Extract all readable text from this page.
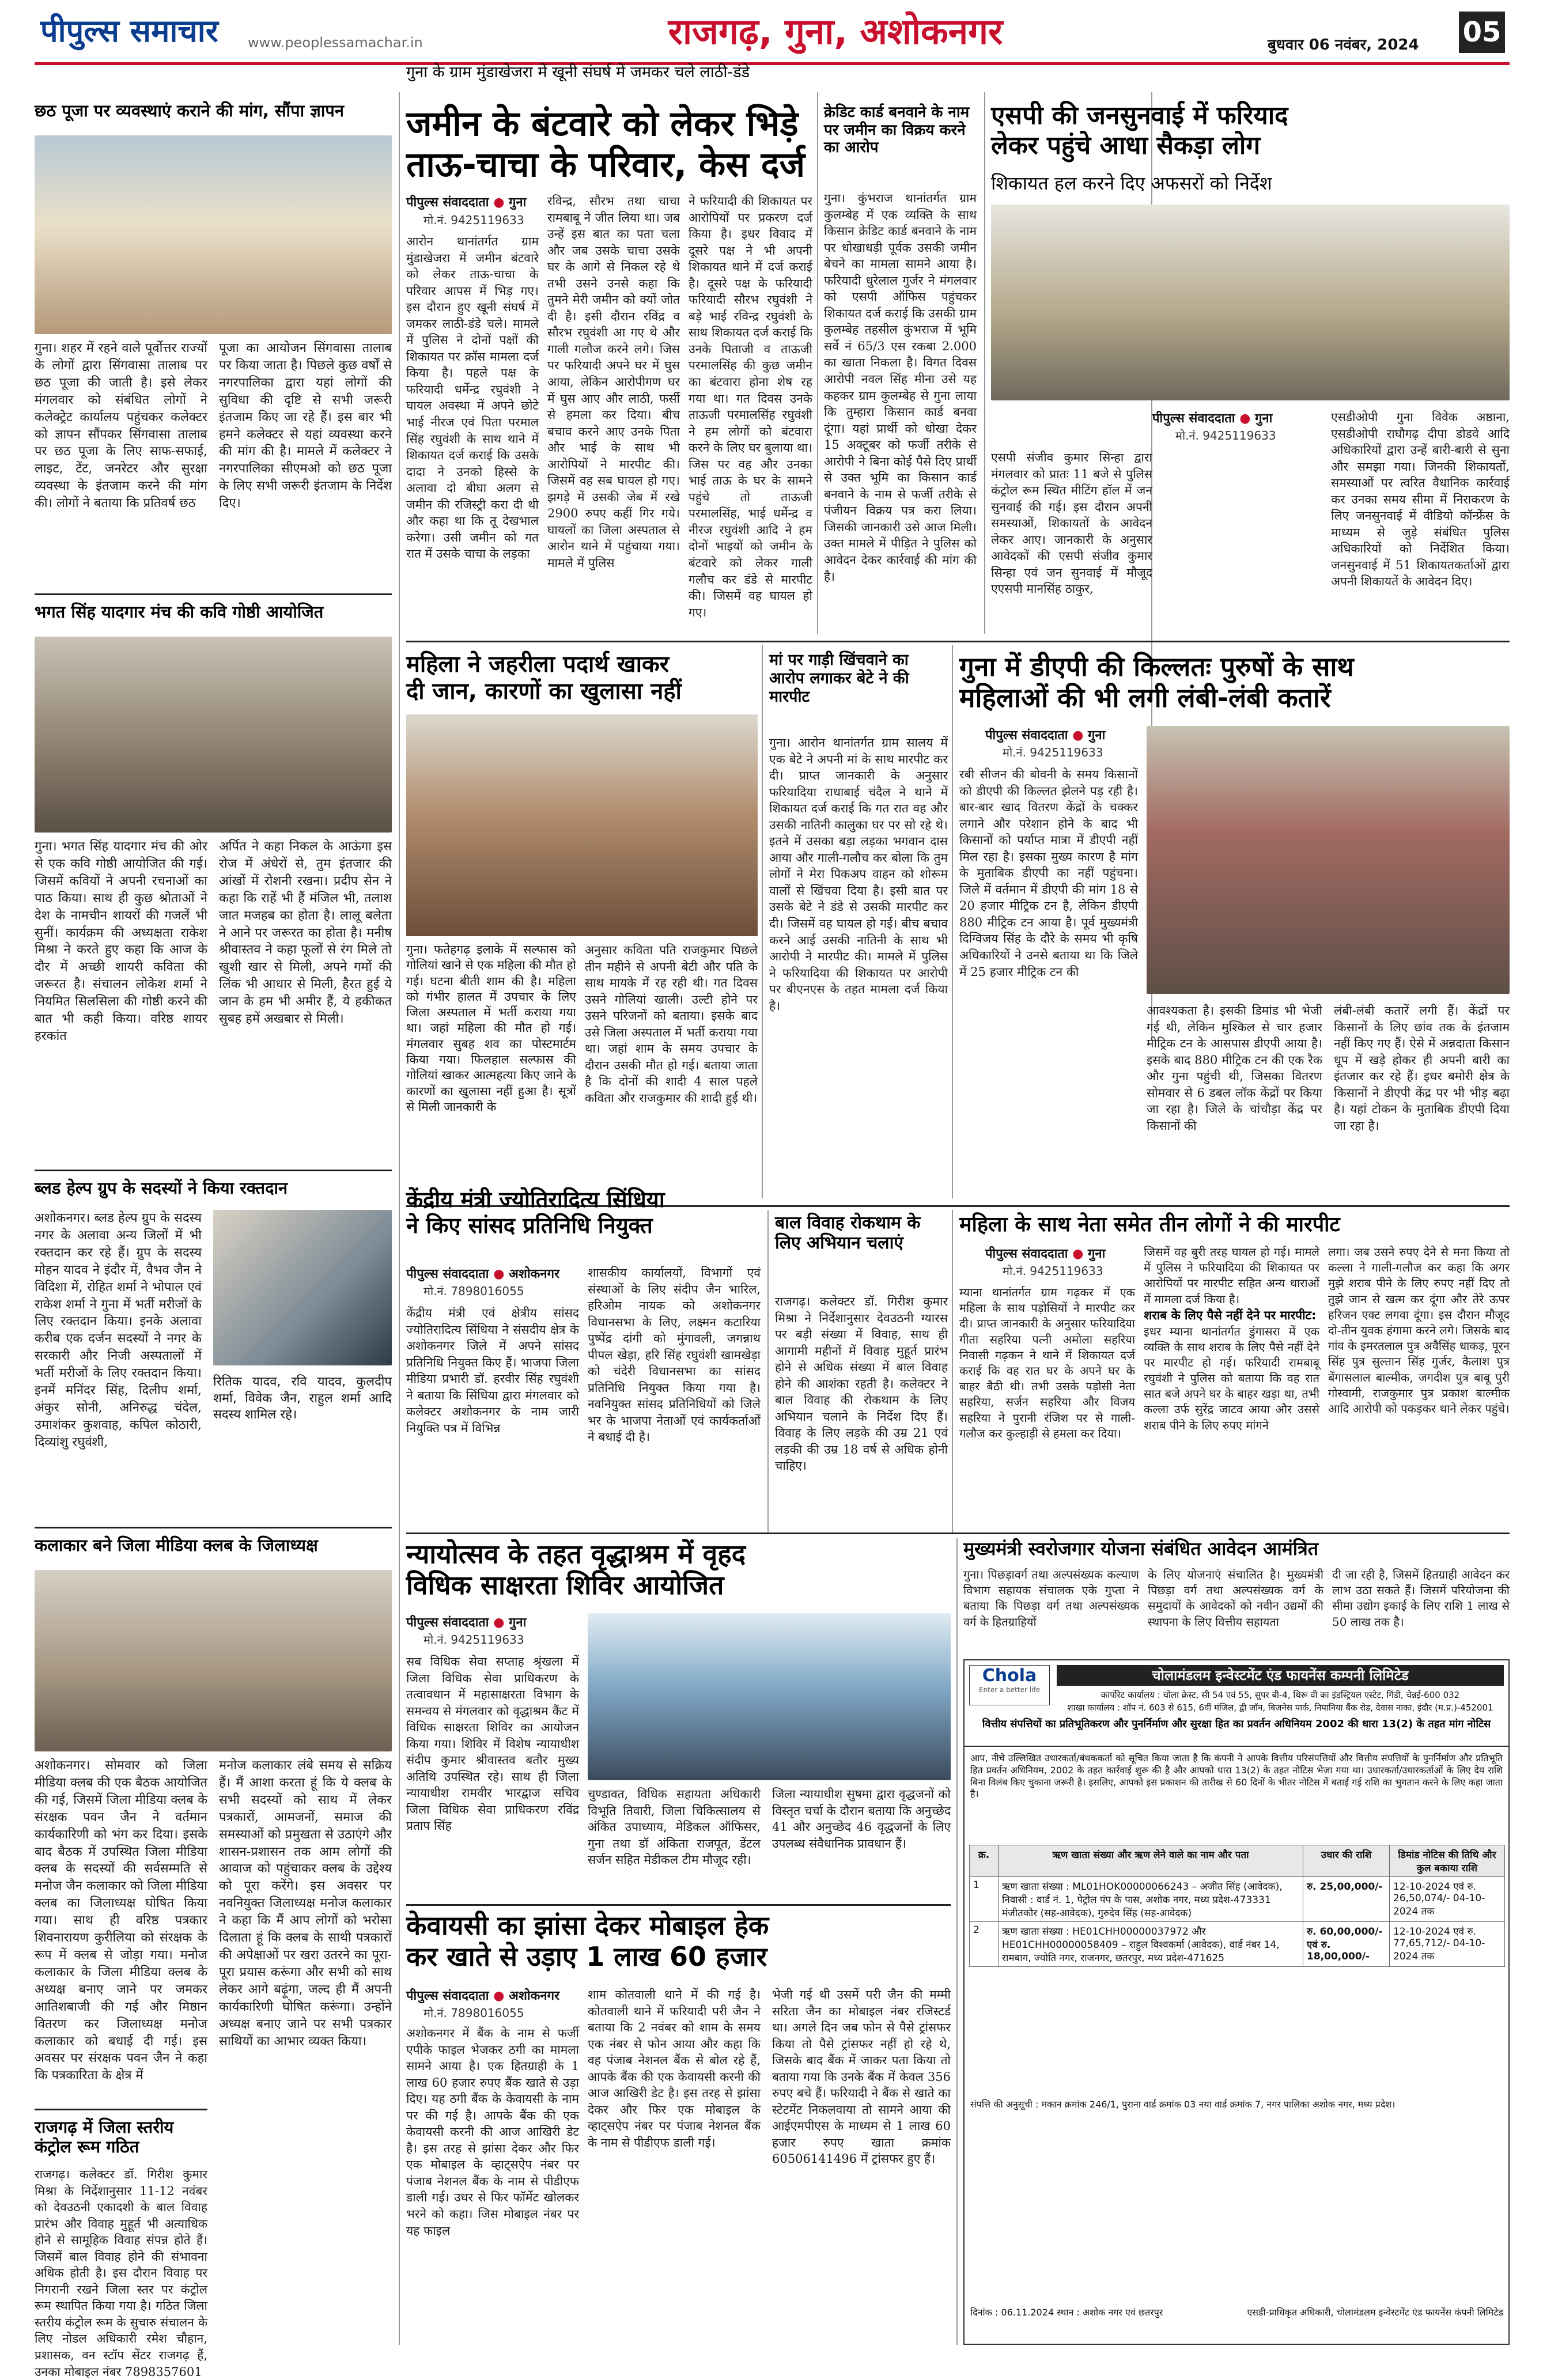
पीपुल्स समाचार www.peoplessamachar.in	राजगढ़, गुना, अशोकनगर	बुधवार 06 नवंबर, 2024 05
छठ पूजा पर व्यवस्थाएं कराने की मांग, सौंपा ज्ञापन
गुना। शहर में रहने वाले पूर्वोत्तर राज्यों के लोगों द्वारा सिंगवासा तालाब पर छठ पूजा की जाती है। इसे लेकर मंगलवार को संबंधित लोगों ने कलेक्ट्रेट कार्यालय पहुंचकर कलेक्टर को ज्ञापन सौंपकर सिंगवासा तालाब पर छठ पूजा के लिए साफ-सफाई, लाइट, टेंट, जनरेटर और सुरक्षा व्यवस्था के इंतजाम करने की मांग की। लोगों ने बताया कि प्रतिवर्ष छठ
पूजा का आयोजन सिंगवासा तालाब पर किया जाता है। पिछले कुछ वर्षों से नगरपालिका द्वारा यहां लोगों की सुविधा की दृष्टि से सभी जरूरी इंतजाम किए जा रहे हैं। इस बार भी हमने कलेक्टर से यहां व्यवस्था करने की मांग की है। मामले में कलेक्टर ने नगरपालिका सीएमओ को छठ पूजा के लिए सभी जरूरी इंतजाम के निर्देश दिए।
भगत सिंह यादगार मंच की कवि गोष्ठी आयोजित
गुना। भगत सिंह यादगार मंच की ओर से एक कवि गोष्ठी आयोजित की गई। जिसमें कवियों ने अपनी रचनाओं का पाठ किया। साथ ही कुछ श्रोताओं ने देश के नामचीन शायरों की गजलें भी सुनीं। कार्यक्रम की अध्यक्षता राकेश मिश्रा ने करते हुए कहा कि आज के दौर में अच्छी शायरी कविता की जरूरत है। संचालन लोकेश शर्मा ने नियमित सिलसिला की गोष्ठी करने की बात भी कही किया। वरिष्ठ शायर हरकांत
अर्पित ने कहा निकल के आऊंगा इस रोज में अंधेरों से, तुम इंतजार की आंखों में रोशनी रखना। प्रदीप सेन ने कहा कि राहें भी हैं मंजिल भी, तलाश जात मजहब का होता है। लालू बलेता ने आने पर जरूरत का होता है। मनीष श्रीवास्तव ने कहा फूलों से रंग मिले तो खुशी खार से मिली, अपने गमों की लिंक भी आधार से मिली, हैरत हुई ये जान के हम भी अमीर हैं, ये हकीकत सुबह हमें अखबार से मिली।
ब्लड हेल्प ग्रुप के सदस्यों ने किया रक्तदान
अशोकनगर। ब्लड हेल्प ग्रुप के सदस्य नगर के अलावा अन्य जिलों में भी रक्तदान कर रहे हैं। ग्रुप के सदस्य मोहन यादव ने इंदौर में, वैभव जैन ने विदिशा में, रोहित शर्मा ने भोपाल एवं राकेश शर्मा ने गुना में भर्ती मरीजों के लिए रक्तदान किया। इनके अलावा करीब एक दर्जन सदस्यों ने नगर के सरकारी और निजी अस्पतालों में भर्ती मरीजों के लिए रक्तदान किया। इनमें मनिंदर सिंह, दिलीप शर्मा, अंकुर सोनी, अनिरुद्ध चंदेल, उमाशंकर कुशवाह, कपिल कोठारी, दिव्यांशु रघुवंशी,
रितिक यादव, रवि यादव, कुलदीप शर्मा, विवेक जैन, राहुल शर्मा आदि सदस्य शामिल रहे।
कलाकार बने जिला मीडिया क्लब के जिलाध्यक्ष
अशोकनगर। सोमवार को जिला मीडिया क्लब की एक बैठक आयोजित की गई, जिसमें जिला मीडिया क्लब के संरक्षक पवन जैन ने वर्तमान कार्यकारिणी को भंग कर दिया। इसके बाद बैठक में उपस्थित जिला मीडिया क्लब के सदस्यों की सर्वसम्मति से मनोज जैन कलाकार को जिला मीडिया क्लब का जिलाध्यक्ष घोषित किया गया। साथ ही वरिष्ठ पत्रकार शिवनारायण कुरीलिया को संरक्षक के रूप में क्लब से जोड़ा गया। मनोज कलाकार के जिला मीडिया क्लब के अध्यक्ष बनाए जाने पर जमकर आतिशबाजी की गई और मिष्ठान वितरण कर जिलाध्यक्ष मनोज कलाकार को बधाई दी गई। इस अवसर पर संरक्षक पवन जैन ने कहा कि पत्रकारिता के क्षेत्र में
मनोज कलाकार लंबे समय से सक्रिय हैं। मैं आशा करता हूं कि ये क्लब के सभी सदस्यों को साथ में लेकर पत्रकारों, आमजनों, समाज की समस्याओं को प्रमुखता से उठाएंगे और शासन-प्रशासन तक आम लोगों की आवाज को पहुंचाकर क्लब के उद्देश्य को पूरा करेंगे। इस अवसर पर नवनियुक्त जिलाध्यक्ष मनोज कलाकार ने कहा कि मैं आप लोगों को भरोसा दिलाता हूं कि क्लब के साथी पत्रकारों की अपेक्षाओं पर खरा उतरने का पूरा-पूरा प्रयास करूंगा और सभी को साथ लेकर आगे बढ़ूंगा, जल्द ही मैं अपनी कार्यकारिणी घोषित करूंगा। उन्होंने अध्यक्ष बनाए जाने पर सभी पत्रकार साथियों का आभार व्यक्त किया।
राजगढ़ में जिला स्तरीय
कंट्रोल रूम गठित
राजगढ़। कलेक्टर डॉ. गिरीश कुमार मिश्रा के निर्देशानुसार 11-12 नवंबर को देवउठनी एकादशी के बाल विवाह प्रारंभ और विवाह मुहूर्त भी अत्याधिक होने से सामूहिक विवाह संपन्न होते हैं। जिसमें बाल विवाह होने की संभावना अधिक होती है। इस दौरान विवाह पर निगरानी रखने जिला स्तर पर कंट्रोल रूम स्थापित किया गया है। गठित जिला स्तरीय कंट्रोल रूम के सुचारु संचालन के लिए नोडल अधिकारी रमेश चौहान, प्रशासक, वन स्टॉप सेंटर राजगढ़ हैं, उनका मोबाइल नंबर 7898357601
गुना के ग्राम मुंडाखेजरा में खूनी संघर्ष में जमकर चले लाठी-डंडे
जमीन के बंटवारे को लेकर भिड़े
ताऊ-चाचा के परिवार, केस दर्ज
पीपुल्स संवाददाता ● गुना
मो.नं. 9425119633
आरोन थानांतर्गत ग्राम मुंडाखेजरा में जमीन बंटवारे को लेकर ताऊ-चाचा के परिवार आपस में भिड़ गए। इस दौरान हुए खूनी संघर्ष में जमकर लाठी-डंडे चले। मामले में पुलिस ने दोनों पक्षों की शिकायत पर क्रॉस मामला दर्ज किया है। पहले पक्ष के फरियादी धर्मेन्द्र रघुवंशी ने घायल अवस्था में अपने छोटे भाई नीरज एवं पिता परमाल सिंह रघुवंशी के साथ थाने में शिकायत दर्ज कराई कि उसके दादा ने उनको हिस्से के अलावा दो बीघा अलग से जमीन की रजिस्ट्री करा दी थी और कहा था कि तू देखभाल करेगा। उसी जमीन को गत रात में उसके चाचा के लड़का
रविन्द्र, सौरभ तथा चाचा रामबाबू ने जीत लिया था। जब उन्हें इस बात का पता चला और जब उसके चाचा उसके घर के आगे से निकल रहे थे तभी उसने उनसे कहा कि तुमने मेरी जमीन को क्यों जोत दी है। इसी दौरान रविंद्र व सौरभ रघुवंशी आ गए थे और गाली गलौज करने लगे। जिस पर फरियादी अपने घर में घुस आया, लेकिन आरोपीगण घर में घुस आए और लाठी, फर्सी से हमला कर दिया। बीच बचाव करने आए उनके पिता और भाई के साथ भी आरोपियों ने मारपीट की। जिसमें वह सब घायल हो गए। झगड़े में उसकी जेब में रखे 2900 रुपए कहीं गिर गये। घायलों का जिला अस्पताल से आरोन थाने में पहुंचाया गया। मामले में पुलिस
ने फरियादी की शिकायत पर आरोपियों पर प्रकरण दर्ज किया है। इधर विवाद में दूसरे पक्ष ने भी अपनी शिकायत थाने में दर्ज कराई है। दूसरे पक्ष के फरियादी फरियादी सौरभ रघुवंशी ने बड़े भाई रविन्द्र रघुवंशी के साथ शिकायत दर्ज कराई कि उनके पिताजी व ताऊजी परमालसिंह की कुछ जमीन का बंटवारा होना शेष रह गया था। गत दिवस उनके ताऊजी परमालसिंह रघुवंशी ने हम लोगों को बंटवारा करने के लिए घर बुलाया था। जिस पर वह और उनका भाई ताऊ के घर के सामने पहुंचे तो ताऊजी परमालसिंह, भाई धर्मेन्द्र व नीरज रघुवंशी आदि ने हम दोनों भाइयों को जमीन के बंटवारे को लेकर गाली गलौच कर डंडे से मारपीट की। जिसमें वह घायल हो गए।
क्रेडिट कार्ड बनवाने के नाम पर जमीन का विक्रय करने का आरोप
गुना। कुंभराज थानांतर्गत ग्राम कुलम्बेह में एक व्यक्ति के साथ किसान क्रेडिट कार्ड बनवाने के नाम पर धोखाधड़ी पूर्वक उसकी जमीन बेचने का मामला सामने आया है। फरियादी धुरेलाल गुर्जर ने मंगलवार को एसपी ऑफिस पहुंचकर शिकायत दर्ज कराई कि उसकी ग्राम कुलम्बेह तहसील कुंभराज में भूमि सर्वे नं 65/3 एस रकबा 2.000 का खाता निकला है। विगत दिवस आरोपी नवल सिंह मीना उसे यह कहकर ग्राम कुलम्बेह से गुना लाया कि तुम्हारा किसान कार्ड बनवा दूंगा। यहां प्रार्थी को धोखा देकर 15 अक्टूबर को फर्जी तरीके से आरोपी ने बिना कोई पैसे दिए प्रार्थी से उक्त भूमि का किसान कार्ड बनवाने के नाम से फर्जी तरीके से पंजीयन विक्रय पत्र करा लिया। जिसकी जानकारी उसे आज मिली। उक्त मामले में पीड़ित ने पुलिस को आवेदन देकर कार्रवाई की मांग की है।
एसपी की जनसुनवाई में फरियाद
लेकर पहुंचे आधा सैकड़ा लोग
शिकायत हल करने दिए अफसरों को निर्देश
पीपुल्स संवाददाता ● गुना
मो.नं. 9425119633
एसपी संजीव कुमार सिन्हा द्वारा मंगलवार को प्रातः 11 बजे से पुलिस कंट्रोल रूम स्थित मीटिंग हॉल में जन सुनवाई की गई। इस दौरान अपनी समस्याओं, शिकायतों के आवेदन लेकर आए। जानकारी के अनुसार आवेदकों की एसपी संजीव कुमार सिन्हा एवं जन सुनवाई में मौजूद एएसपी मानसिंह ठाकुर,
एसडीओपी गुना विवेक अष्ठाना, एसडीओपी राघौगढ़ दीपा डोडवे आदि अधिकारियों द्वारा उन्हें बारी-बारी से सुना और समझा गया। जिनकी शिकायतों, समस्याओं पर त्वरित वैधानिक कार्रवाई कर उनका समय सीमा में निराकरण के लिए जनसुनवाई में वीडियो कॉन्फ्रेंस के माध्यम से जुड़े संबंधित पुलिस अधिकारियों को निर्देशित किया। जनसुनवाई में 51 शिकायतकर्ताओं द्वारा अपनी शिकायतें के आवेदन दिए।
महिला ने जहरीला पदार्थ खाकर
दी जान, कारणों का खुलासा नहीं
गुना। फतेहगढ़ इलाके में सल्फास को गोलियां खाने से एक महिला की मौत हो गई। घटना बीती शाम की है। महिला को गंभीर हालत में उपचार के लिए जिला अस्पताल में भर्ती कराया गया था। जहां महिला की मौत हो गई। मंगलवार सुबह शव का पोस्टमार्टम किया गया। फिलहाल सल्फास की गोलियां खाकर आत्महत्या किए जाने के कारणों का खुलासा नहीं हुआ है। सूत्रों से मिली जानकारी के
अनुसार कविता पति राजकुमार पिछले तीन महीने से अपनी बेटी और पति के साथ मायके में रह रही थी। गत दिवस उसने गोलियां खाली। उल्टी होने पर उसने परिजनों को बताया। इसके बाद उसे जिला अस्पताल में भर्ती कराया गया था। जहां शाम के समय उपचार के दौरान उसकी मौत हो गई। बताया जाता है कि दोनों की शादी 4 साल पहले कविता और राजकुमार की शादी हुई थी।
मां पर गाड़ी खिंचवाने का आरोप लगाकर बेटे ने की मारपीट
गुना। आरोन थानांतर्गत ग्राम सालय में एक बेटे ने अपनी मां के साथ मारपीट कर दी। प्राप्त जानकारी के अनुसार फरियादिया राधाबाई चंदैल ने थाने में शिकायत दर्ज कराई कि गत रात वह और उसकी नातिनी कालुका घर पर सो रहे थे। इतने में उसका बड़ा लड़का भगवान दास आया और गाली-गलौच कर बोला कि तुम लोगों ने मेरा पिकअप वाहन को शोरूम वालों से खिंचवा दिया है। इसी बात पर उसके बेटे ने डंडे से उसकी मारपीट कर दी। जिसमें वह घायल हो गई। बीच बचाव करने आई उसकी नातिनी के साथ भी आरोपी ने मारपीट की। मामले में पुलिस ने फरियादिया की शिकायत पर आरोपी पर बीएनएस के तहत मामला दर्ज किया है।
गुना में डीएपी की किल्लतः पुरुषों के साथ
महिलाओं की भी लगी लंबी-लंबी कतारें
पीपुल्स संवाददाता ● गुना
मो.नं. 9425119633
रबी सीजन की बोवनी के समय किसानों को डीएपी की किल्लत झेलने पड़ रही है। बार-बार खाद वितरण केंद्रों के चक्कर लगाने और परेशान होने के बाद भी किसानों को पर्याप्त मात्रा में डीएपी नहीं मिल रहा है। इसका मुख्य कारण है मांग के मुताबिक डीएपी का नहीं पहुंचना। जिले में वर्तमान में डीएपी की मांग 18 से 20 हजार मीट्रिक टन है, लेकिन डीएपी 880 मीट्रिक टन आया है। पूर्व मुख्यमंत्री दिग्विजय सिंह के दौरे के समय भी कृषि अधिकारियों ने उनसे बताया था कि जिले में 25 हजार मीट्रिक टन की
आवश्यकता है। इसकी डिमांड भी भेजी गई थी, लेकिन मुश्किल से चार हजार मीट्रिक टन के आसपास डीएपी आया है। इसके बाद 880 मीट्रिक टन की एक रैक और गुना पहुंची थी, जिसका वितरण सोमवार से 6 डबल लॉक केंद्रों पर किया जा रहा है। जिले के चांचौड़ा केंद्र पर किसानों की
लंबी-लंबी कतारें लगी हैं। केंद्रों पर किसानों के लिए छांव तक के इंतजाम नहीं किए गए हैं। ऐसे में अन्नदाता किसान धूप में खड़े होकर ही अपनी बारी का इंतजार कर रहे हैं। इधर बमोरी क्षेत्र के किसानों ने डीएपी केंद्र पर भी भीड़ बढ़ा है। यहां टोकन के मुताबिक डीएपी दिया जा रहा है।
केंद्रीय मंत्री ज्योतिरादित्य सिंधिया
ने किए सांसद प्रतिनिधि नियुक्त
पीपुल्स संवाददाता ● अशोकनगर
मो.नं. 7898016055
केंद्रीय मंत्री एवं क्षेत्रीय सांसद ज्योतिरादित्य सिंधिया ने संसदीय क्षेत्र के अशोकनगर जिले में अपने सांसद प्रतिनिधि नियुक्त किए हैं। भाजपा जिला मीडिया प्रभारी डॉ. हरवीर सिंह रघुवंशी ने बताया कि सिंधिया द्वारा मंगलवार को कलेक्टर अशोकनगर के नाम जारी नियुक्ति पत्र में विभिन्न
शासकीय कार्यालयों, विभागों एवं संस्थाओं के लिए संदीप जैन भारिल, हरिओम नायक को अशोकनगर विधानसभा के लिए, लक्ष्मन कटारिया पुष्पेंद्र दांगी को मुंगावली, जगन्नाथ पीपल खेड़ा, हरि सिंह रघुवंशी खामखेड़ा को चंदेरी विधानसभा का सांसद प्रतिनिधि नियुक्त किया गया है। नवनियुक्त सांसद प्रतिनिधियों को जिले भर के भाजपा नेताओं एवं कार्यकर्ताओं ने बधाई दी है।
बाल विवाह रोकथाम के लिए अभियान चलाएं
राजगढ़। कलेक्टर डॉ. गिरीश कुमार मिश्रा ने निर्देशानुसार देवउठनी ग्यारस पर बड़ी संख्या में विवाह, साथ ही आगामी महीनों में विवाह मुहूर्त प्रारंभ होने से अधिक संख्या में बाल विवाह होने की आशंका रहती है। कलेक्टर ने बाल विवाह की रोकथाम के लिए अभियान चलाने के निर्देश दिए हैं। विवाह के लिए लड़के की उम्र 21 एवं लड़की की उम्र 18 वर्ष से अधिक होनी चाहिए।
महिला के साथ नेता समेत तीन लोगों ने की मारपीट
पीपुल्स संवाददाता ● गुना
मो.नं. 9425119633
म्याना थानांतर्गत ग्राम गढ़कर में एक महिला के साथ पड़ोसियों ने मारपीट कर दी। प्राप्त जानकारी के अनुसार फरियादिया गीता सहरिया पत्नी अमोला सहरिया निवासी गढ़कन ने थाने में शिकायत दर्ज कराई कि वह रात घर के अपने घर के बाहर बैठी थी। तभी उसके पड़ोसी नेता सहरिया, सर्जन सहरिया और विजय सहरिया ने पुरानी रंजिश पर से गाली-गलौज कर कुल्हाड़ी से हमला कर दिया।
जिसमें वह बुरी तरह घायल हो गई। मामले में पुलिस ने फरियादिया की शिकायत पर आरोपियों पर मारपीट सहित अन्य धाराओं में मामला दर्ज किया है।
शराब के लिए पैसे नहीं देने पर मारपीट:
इधर म्याना थानांतर्गत डुंगासरा में एक व्यक्ति के साथ शराब के लिए पैसे नहीं देने पर मारपीट हो गई। फरियादी रामबाबू रघुवंशी ने पुलिस को बताया कि वह रात सात बजे अपने घर के बाहर खड़ा था, तभी कल्ला उर्फ सुरेंद्र जाटव आया और उससे शराब पीने के लिए रुपए मांगने
लगा। जब उसने रुपए देने से मना किया तो कल्ला ने गाली-गलौज कर कहा कि अगर मुझे शराब पीने के लिए रुपए नहीं दिए तो तुझे जान से खत्म कर दूंगा और तेरे ऊपर हरिजन एक्ट लगवा दूंगा। इस दौरान मौजूद दो-तीन युवक हंगामा करने लगे। जिसके बाद गांव के इमरतलाल पुत्र अवैसिंह धाकड़, पूरन सिंह पुत्र सुल्तान सिंह गुर्जर, कैलाश पुत्र बेंगासलाल बाल्मीक, जगदीश पुत्र बाबू पुरी गोस्वामी, राजकुमार पुत्र प्रकाश बाल्मीक आदि आरोपी को पकड़कर थाने लेकर पहुंचे।
न्यायोत्सव के तहत वृद्धाश्रम में वृहद
विधिक साक्षरता शिविर आयोजित
पीपुल्स संवाददाता ● गुना
मो.नं. 9425119633
सब विधिक सेवा सप्ताह श्रृंखला में जिला विधिक सेवा प्राधिकरण के तत्वावधान में महासाक्षरता विभाग के समन्वय से मंगलवार को वृद्धाश्रम कैंट में विधिक साक्षरता शिविर का आयोजन किया गया। शिविर में विशेष न्यायाधीश संदीप कुमार श्रीवास्तव बतौर मुख्य अतिथि उपस्थित रहे। साथ ही जिला न्यायाधीश रामवीर भारद्वाज सचिव जिला विधिक सेवा प्राधिकरण रविंद्र प्रताप सिंह
चुण्डावत, विधिक सहायता अधिकारी विभूति तिवारी, जिला चिकित्सालय से अंकित उपाध्याय, मेडिकल ऑफिसर, गुना तथा डॉ अंकिता राजपूत, डेंटल सर्जन सहित मेडीकल टीम मौजूद रही।
जिला न्यायाधीश सुषमा द्वारा वृद्धजनों को विस्तृत चर्चा के दौरान बताया कि अनुच्छेद 41 और अनुच्छेद 46 वृद्धजनों के लिए उपलब्ध संवैधानिक प्रावधान हैं।
केवायसी का झांसा देकर मोबाइल हेक
कर खाते से उड़ाए 1 लाख 60 हजार
पीपुल्स संवाददाता ● अशोकनगर
मो.नं. 7898016055
अशोकनगर में बैंक के नाम से फर्जी एपीके फाइल भेजकर ठगी का मामला सामने आया है। एक हितग्राही के 1 लाख 60 हजार रुपए बैंक खाते से उड़ा दिए। यह ठगी बैंक के केवायसी के नाम पर की गई है। आपके बैंक की एक केवायसी करनी की आज आखिरी डेट है। इस तरह से झांसा देकर और फिर एक मोबाइल के व्हाट्सऐप नंबर पर पंजाब नेशनल बैंक के नाम से पीडीएफ डाली गई। उधर से फिर फॉर्मेट खोलकर भरने को कहा। जिस मोबाइल नंबर पर यह फाइल
शाम कोतवाली थाने में की गई है। कोतवाली थाने में फरियादी परी जैन ने बताया कि 2 नवंबर को शाम के समय एक नंबर से फोन आया और कहा कि वह पंजाब नेशनल बैंक से बोल रहे हैं, आपके बैंक की एक केवायसी करनी की आज आखिरी डेट है। इस तरह से झांसा देकर और फिर एक मोबाइल के व्हाट्सऐप नंबर पर पंजाब नेशनल बैंक के नाम से पीडीएफ डाली गई।
भेजी गई थी उसमें परी जैन की मम्मी सरिता जैन का मोबाइल नंबर रजिस्टर्ड था। अगले दिन जब फोन से पैसे ट्रांसफर किया तो पैसे ट्रांसफर नहीं हो रहे थे, जिसके बाद बैंक में जाकर पता किया तो बताया गया कि उनके बैंक में केवल 356 रुपए बचे हैं। फरियादी ने बैंक से खाते का स्टेटमेंट निकलवाया तो सामने आया की आईएमपीएस के माध्यम से 1 लाख 60 हजार रुपए खाता क्रमांक 60506141496 में ट्रांसफर हुए हैं।
मुख्यमंत्री स्वरोजगार योजना संबंधित आवेदन आमंत्रित
गुना। पिछड़ावर्ग तथा अल्पसंख्यक कल्याण विभाग सहायक संचालक एके गुप्ता ने बताया कि पिछड़ा वर्ग तथा अल्पसंख्यक वर्ग के हितग्राहियों
के लिए योजनाएं संचालित है। मुख्यमंत्री पिछड़ा वर्ग तथा अल्पसंख्यक वर्ग के समुदायों के आवेदकों को नवीन उद्यमों की स्थापना के लिए वित्तीय सहायता
दी जा रही है, जिसमें हितग्राही आवेदन कर लाभ उठा सकते हैं। जिसमें परियोजना की सीमा उद्योग इकाई के लिए राशि 1 लाख से 50 लाख तक है।
Chola
Enter a better life
चोलामंडलम इन्वेस्टमेंट एंड फायनेंस कम्पनी लिमिटेड
कार्पोरेट कार्यालय : चोला क्रेस्ट, सी 54 एवं 55, सुपर बी-4, थिरू वी का इंडस्ट्रियल एस्टेट, गिंडी, चेन्नई-600 032
शाखा कार्यालय : शॉप नं. 603 से 615, 6वीं मंजिल, द्वी जॉन, बिजनेस पार्क, निपानिया बैंक रोड, देवास नाका, इंदौर (म.प्र.)-452001
वित्तीय संपत्तियों का प्रतिभूतिकरण और पुनर्निर्माण और सुरक्षा हित का प्रवर्तन अधिनियम 2002 की धारा 13(2) के तहत मांग नोटिस
आप, नीचे उल्लिखित उधारकर्ता/बंधककर्ता को सूचित किया जाता है कि कंपनी ने आपके वित्तीय परिसंपत्तियों और वित्तीय संपत्तियों के पुनर्निर्माण और प्रतिभूति हित प्रवर्तन अधिनियम, 2002 के तहत कार्रवाई शुरू की है और आपको धारा 13(2) के तहत नोटिस भेजा गया था। उधारकर्ता/उधारकर्ताओं के लिए देय राशि बिना विलंब किए चुकाना जरूरी है। इसलिए, आपको इस प्रकाशन की तारीख से 60 दिनों के भीतर नोटिस में बताई गई राशि का भुगतान करने के लिए कहा जाता है।
क्र.	ऋण खाता संख्या और ऋण लेने वाले का नाम और पता	उधार की राशि	डिमांड नोटिस की तिथि और कुल बकाया राशि
1	ऋण खाता संख्या : ML01HOK00000066243 – अजीत सिंह (आवेदक), निवासी : वार्ड नं. 1, पेट्रोल पंप के पास, अशोक नगर, मध्य प्रदेश-473331 मंजीतकौर (सह-आवेदक), गुरुदेव सिंह (सह-आवेदक)	रु. 25,00,000/-	12-10-2024 एवं रु. 26,50,074/- 04-10-2024 तक
2	ऋण खाता संख्या : HE01CHH00000037972 और HE01CHH00000058409 – राहुल विश्वकर्मा (आवेदक), वार्ड नंबर 14, रामबाग, ज्योति नगर, राजनगर, छतरपुर, मध्य प्रदेश-471625	रु. 60,00,000/- एवं रु. 18,00,000/-	12-10-2024 एवं रु. 77,65,712/- 04-10-2024 तक
संपत्ति की अनुसूची : मकान क्रमांक 246/1, पुराना वार्ड क्रमांक 03 नया वार्ड क्रमांक 7, नगर पालिका अशोक नगर, मध्य प्रदेश।
दिनांक : 06.11.2024 स्थान : अशोक नगर एवं छतरपुर	एसडी-प्राधिकृत अधिकारी, चोलामंडलम इन्वेस्टमेंट एंड फायनेंस कंपनी लिमिटेड
